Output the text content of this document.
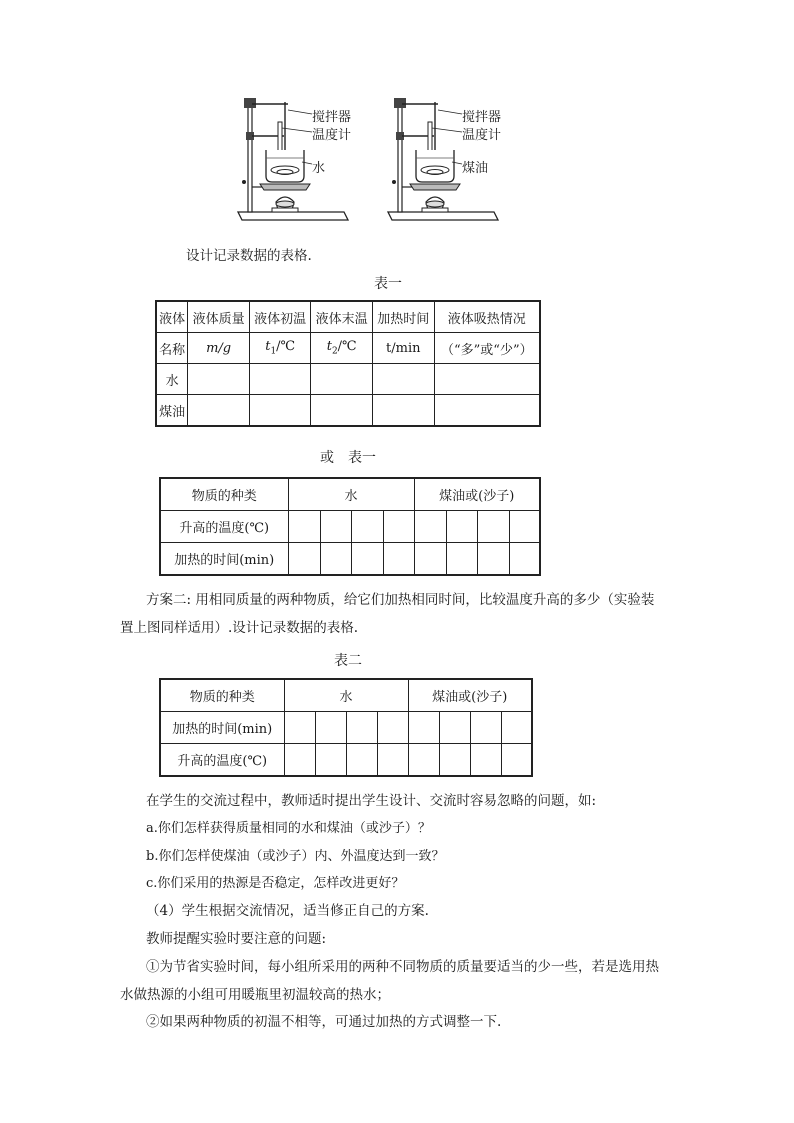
搅拌器
温度计
水
搅拌器
温度计
煤油
设计记录数据的表格.
表一
液体	液体质量	液体初温	液体末温	加热时间	液体吸热情况
名称	m/g	$t_1/℃$	$t_2/℃$	t/min	（“多”或“少”）
水					
煤油					
或　表一
物质的种类	水				煤油或(沙子)			
升高的温度(℃)								
加热的时间(min)								
方案二: 用相同质量的两种物质，给它们加热相同时间，比较温度升高的多少（实验装
置上图同样适用）.设计记录数据的表格.
表二
物质的种类	水				煤油或(沙子)			
加热的时间(min)								
升高的温度(℃)								
在学生的交流过程中，教师适时提出学生设计、交流时容易忽略的问题，如:
a.你们怎样获得质量相同的水和煤油（或沙子）？
b.你们怎样使煤油（或沙子）内、外温度达到一致？
c.你们采用的热源是否稳定，怎样改进更好？
（4）学生根据交流情况，适当修正自己的方案.
教师提醒实验时要注意的问题:
①为节省实验时间，每小组所采用的两种不同物质的质量要适当的少一些，若是选用热
水做热源的小组可用暖瓶里初温较高的热水；
②如果两种物质的初温不相等，可通过加热的方式调整一下.
